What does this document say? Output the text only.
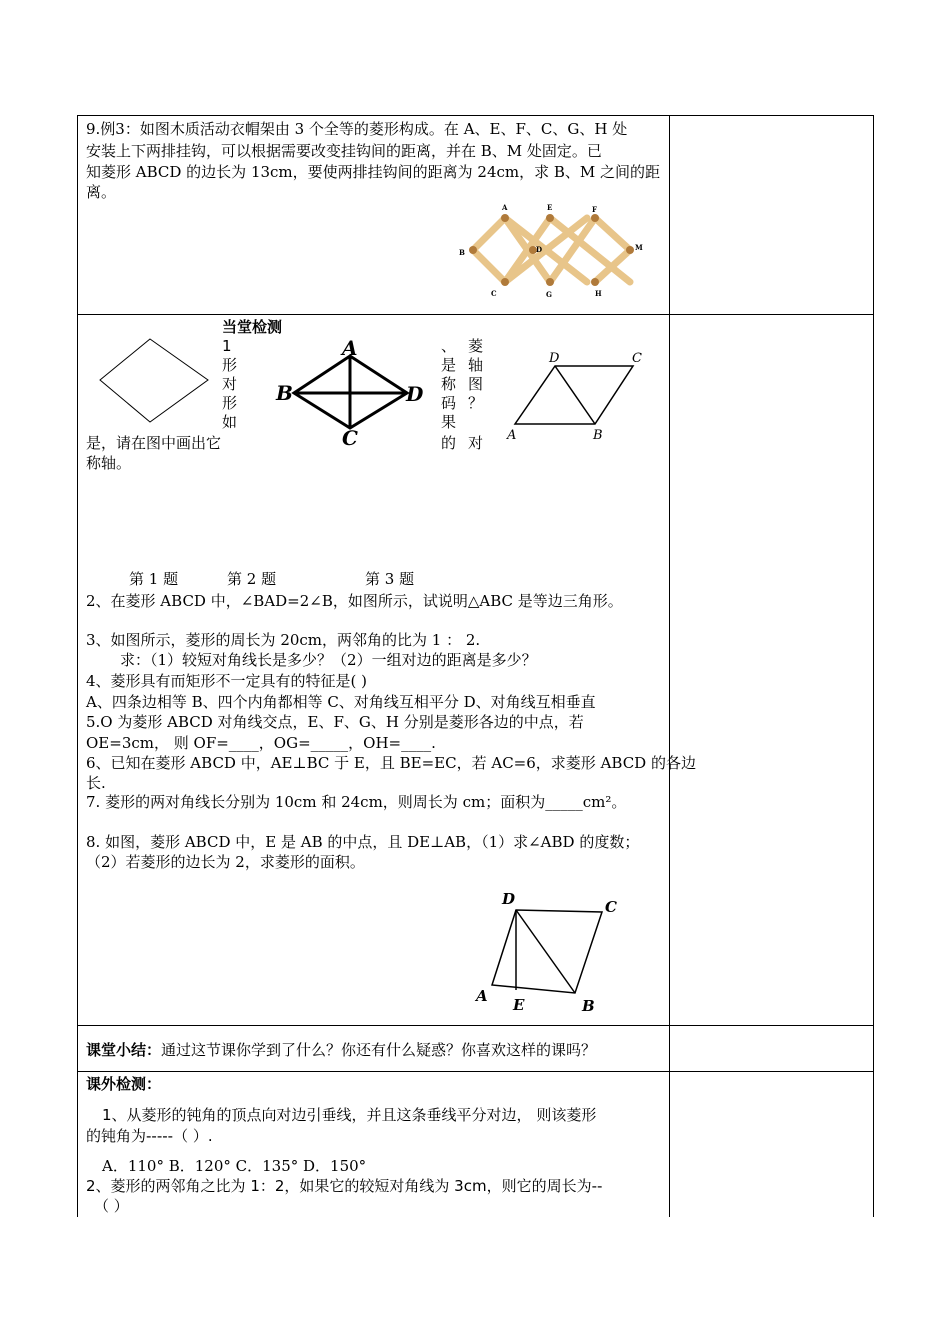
9.例3：如图木质活动衣帽架由 3 个全等的菱形构成。在 A、E、F、C、G、H 处
安装上下两排挂钩，可以根据需要改变挂钩间的距离，并在 B、M 处固定。已
知菱形 ABCD 的边长为 13cm，要使两排挂钩间的距离为 24cm，求 B、M 之间的距
离。
A	E	F
B	D	M
C	G	H
当堂检测
1
形
对
形
如
A
B	D
C
、
是
称
码
果
菱
轴
图
？
D	C
A	B
是，请在图中画出它	的 对
称轴。
第 1 题	第 2 题	第 3 题
2、在菱形 ABCD 中，∠BAD=2∠B，如图所示，试说明△ABC 是等边三角形。
3、如图所示，菱形的周长为 20cm，两邻角的比为 1 ： 2.
求：（1）较短对角线长是多少？（2）一组对边的距离是多少？
4、菱形具有而矩形不一定具有的特征是( )
A、四条边相等 B、四个内角都相等 C、对角线互相平分 D、对角线互相垂直
5.O 为菱形 ABCD 对角线交点，E、F、G、H 分别是菱形各边的中点，若
OE=3cm， 则 OF=____，OG=_____，OH=____.
6、已知在菱形 ABCD 中，AE⊥BC 于 E，且 BE=EC，若 AC=6，求菱形 ABCD 的各边
长.
7. 菱形的两对角线长分别为 10cm 和 24cm，则周长为 cm；面积为_____cm²。
8. 如图，菱形 ABCD 中，E 是 AB 的中点，且 DE⊥AB，（1）求∠ABD 的度数；
（2）若菱形的边长为 2，求菱形的面积。
D	C
A E	B
课堂小结：通过这节课你学到了什么？你还有什么疑惑？你喜欢这样的课吗？
课外检测：
1、从菱形的钝角的顶点向对边引垂线，并且这条垂线平分对边， 则该菱形
的钝角为-----（ ）.
A．110° B．120° C．135° D．150°
2、菱形的两邻角之比为 1：2，如果它的较短对角线为 3cm，则它的周长为--
（ ）
